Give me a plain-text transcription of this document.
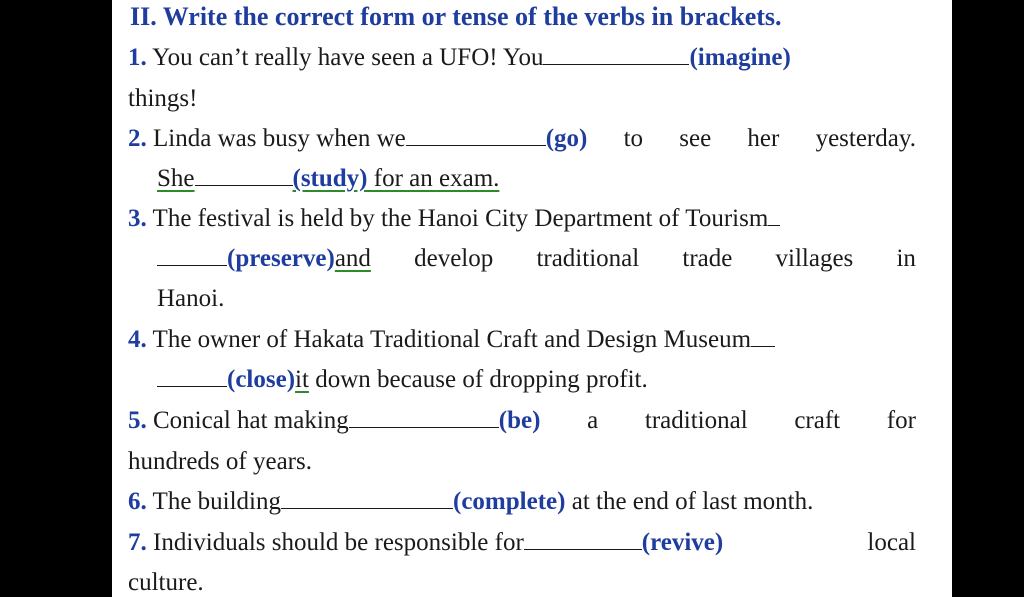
II. Write the correct form or tense of the verbs in brackets.
1. You can’t really have seen a UFO! You	(imagine)
things!
2. Linda was busy when we	(go) to see her yesterday.
She	(study) for an exam.
3. The festival is held by the Hanoi City Department of Tourism
(preserve)and develop traditional trade villages in
Hanoi.
4. The owner of Hakata Traditional Craft and Design Museum
(close)it down because of dropping profit.
5. Conical hat making	(be) a traditional craft for
hundreds of years.
6. The building	(complete) at the end of last month.
7. Individuals should be responsible for	(revive)	local
culture.
